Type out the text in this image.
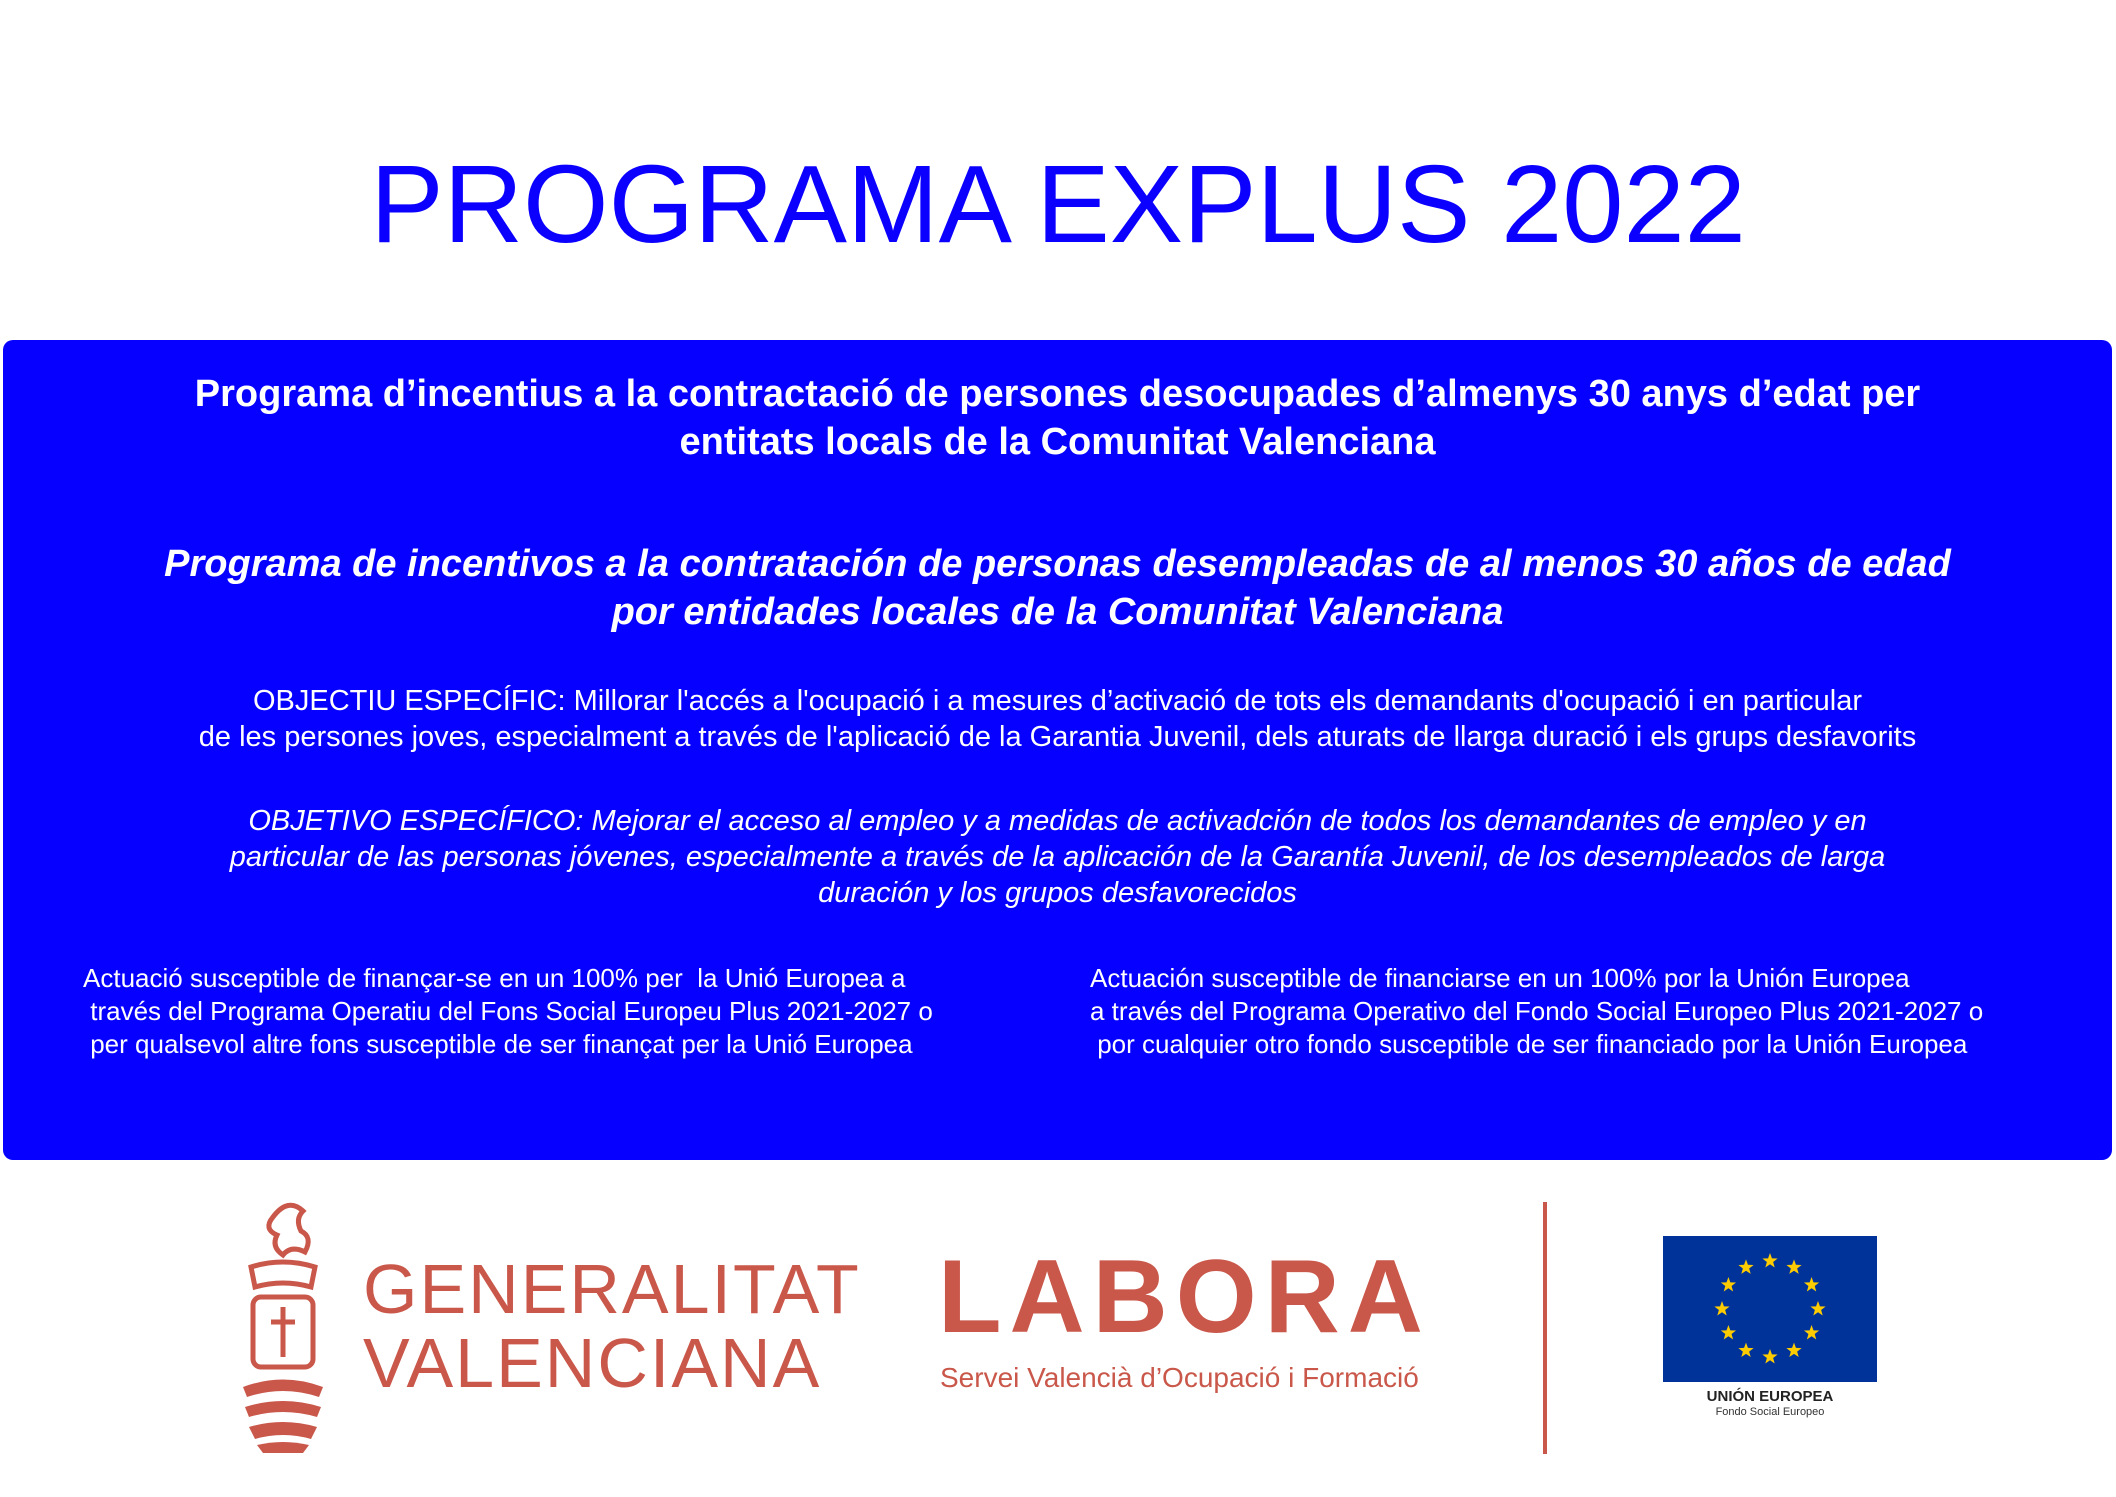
PROGRAMA EXPLUS 2022
Programa d’incentius a la contractació de persones desocupades d’almenys 30 anys d’edat per
entitats locals de la Comunitat Valenciana
Programa de incentivos a la contratación de personas desempleadas de al menos 30 años de edad
por entidades locales de la Comunitat Valenciana
OBJECTIU ESPECÍFIC: Millorar l'accés a l'ocupació i a mesures d’activació de tots els demandants d'ocupació i en particular
de les persones joves, especialment a través de l'aplicació de la Garantia Juvenil, dels aturats de llarga duració i els grups desfavorits
OBJETIVO ESPECÍFICO: Mejorar el acceso al empleo y a medidas de activadción de todos los demandantes de empleo y en
particular de las personas jóvenes, especialmente a través de la aplicación de la Garantía Juvenil, de los desempleados de larga
duración y los grupos desfavorecidos
Actuació susceptible de finançar-se en un 100% per  la Unió Europea a
través del Programa Operatiu del Fons Social Europeu Plus 2021-2027 o
per qualsevol altre fons susceptible de ser finançat per la Unió Europea
Actuación susceptible de financiarse en un 100% por la Unión Europea
a través del Programa Operativo del Fondo Social Europeo Plus 2021-2027 o
por cualquier otro fondo susceptible de ser financiado por la Unión Europea
GENERALITAT
VALENCIANA
LABORA
Servei Valencià d’Ocupació i Formació
UNIÓN EUROPEA
Fondo Social Europeo
